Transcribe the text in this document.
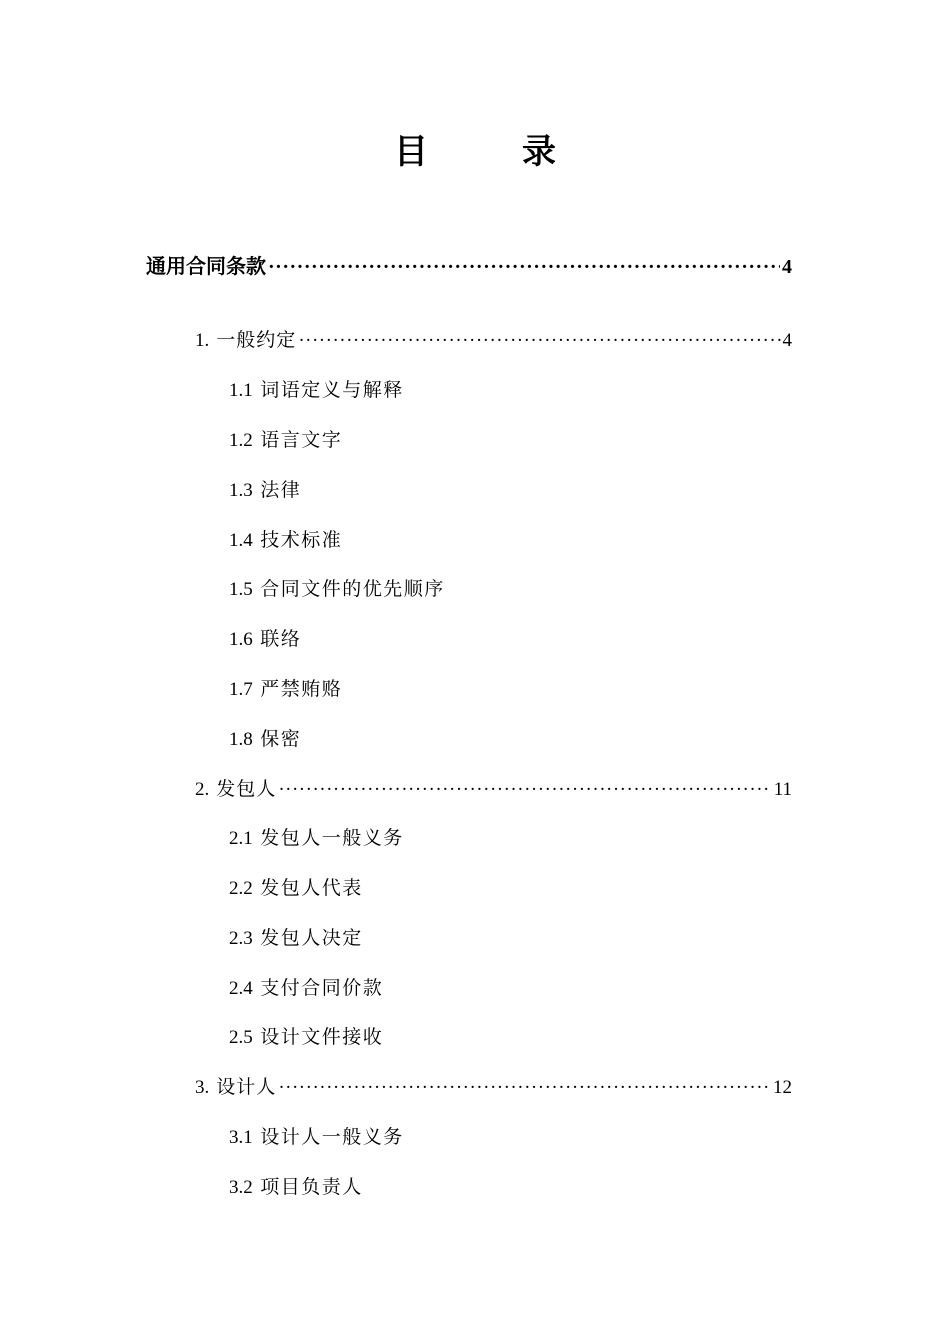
目　录
通用合同条款 ·····	4
1. 一般约定 ·····	4
1.1 词语定义与解释
1.2 语言文字
1.3 法律
1.4 技术标准
1.5 合同文件的优先顺序
1.6 联络
1.7 严禁贿赂
1.8 保密
2. 发包人 ·····	11
2.1 发包人一般义务
2.2 发包人代表
2.3 发包人决定
2.4 支付合同价款
2.5 设计文件接收
3. 设计人 ·····	12
3.1 设计人一般义务
3.2 项目负责人
